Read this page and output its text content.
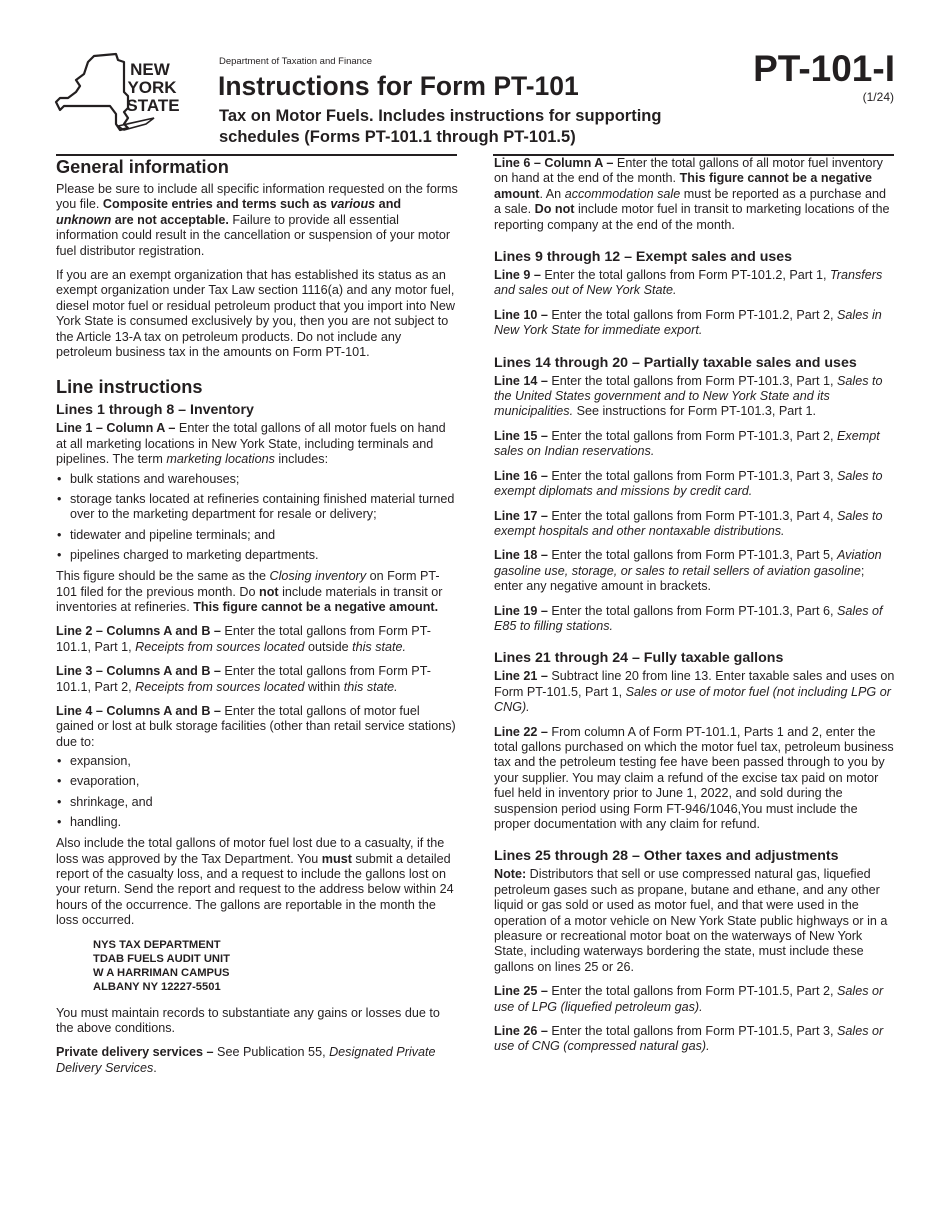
NEW
YORK
STATE
Department of Taxation and Finance
Instructions for Form PT-101
Tax on Motor Fuels. Includes instructions for supporting schedules (Forms PT-101.1 through PT-101.5)
PT-101-I
(1/24)
General information

Please be sure to include all specific information requested on the forms you file. Composite entries and terms such as various and unknown are not acceptable. Failure to provide all essential information could result in the cancellation or suspension of your motor fuel distributor registration.

If you are an exempt organization that has established its status as an exempt organization under Tax Law section 1116(a) and any motor fuel, diesel motor fuel or residual petroleum product that you import into New York State is consumed exclusively by you, then you are not subject to the Article 13-A tax on petroleum products. Do not include any petroleum business tax in the amounts on Form PT-101.

Line instructions
Lines 1 through 8 – Inventory

Line 1 – Column A – Enter the total gallons of all motor fuels on hand at all marketing locations in New York State, including terminals and pipelines. The term marketing locations includes:

• bulk stations and warehouses;
• storage tanks located at refineries containing finished material turned over to the marketing department for resale or delivery;
• tidewater and pipeline terminals; and
• pipelines charged to marketing departments.

This figure should be the same as the Closing inventory on Form PT-101 filed for the previous month. Do not include materials in transit or inventories at refineries. This figure cannot be a negative amount.

Line 2 – Columns A and B – Enter the total gallons from Form PT-101.1, Part 1, Receipts from sources located outside this state.

Line 3 – Columns A and B – Enter the total gallons from Form PT-101.1, Part 2, Receipts from sources located within this state.

Line 4 – Columns A and B – Enter the total gallons of motor fuel gained or lost at bulk storage facilities (other than retail service stations) due to:

• expansion,
• evaporation,
• shrinkage, and
• handling.

Also include the total gallons of motor fuel lost due to a casualty, if the loss was approved by the Tax Department. You must submit a detailed report of the casualty loss, and a request to include the gallons lost on your return. Send the report and request to the address below within 24 hours of the occurrence. The gallons are reportable in the month the loss occurred.

NYS TAX DEPARTMENT
TDAB FUELS AUDIT UNIT
W A HARRIMAN CAMPUS
ALBANY NY 12227-5501

You must maintain records to substantiate any gains or losses due to the above conditions.

Private delivery services – See Publication 55, Designated Private Delivery Services.

Line 6 – Column A – Enter the total gallons of all motor fuel inventory on hand at the end of the month. This figure cannot be a negative amount. An accommodation sale must be reported as a purchase and a sale. Do not include motor fuel in transit to marketing locations of the reporting company at the end of the month.

Lines 9 through 12 – Exempt sales and uses

Line 9 – Enter the total gallons from Form PT-101.2, Part 1, Transfers and sales out of New York State.

Line 10 – Enter the total gallons from Form PT-101.2, Part 2, Sales in New York State for immediate export.

Lines 14 through 20 – Partially taxable sales and uses

Line 14 – Enter the total gallons from Form PT-101.3, Part 1, Sales to the United States government and to New York State and its municipalities. See instructions for Form PT-101.3, Part 1.

Line 15 – Enter the total gallons from Form PT-101.3, Part 2, Exempt sales on Indian reservations.

Line 16 – Enter the total gallons from Form PT-101.3, Part 3, Sales to exempt diplomats and missions by credit card.

Line 17 – Enter the total gallons from Form PT-101.3, Part 4, Sales to exempt hospitals and other nontaxable distributions.

Line 18 – Enter the total gallons from Form PT-101.3, Part 5, Aviation gasoline use, storage, or sales to retail sellers of aviation gasoline; enter any negative amount in brackets.

Line 19 – Enter the total gallons from Form PT-101.3, Part 6, Sales of E85 to filling stations.

Lines 21 through 24 – Fully taxable gallons

Line 21 – Subtract line 20 from line 13. Enter taxable sales and uses on Form PT-101.5, Part 1, Sales or use of motor fuel (not including LPG or CNG).

Line 22 – From column A of Form PT-101.1, Parts 1 and 2, enter the total gallons purchased on which the motor fuel tax, petroleum business tax and the petroleum testing fee have been passed through to you by your supplier. You may claim a refund of the excise tax paid on motor fuel held in inventory prior to June 1, 2022, and sold during the suspension period using Form FT-946/1046,You must include the proper documentation with any claim for refund.

Lines 25 through 28 – Other taxes and adjustments

Note: Distributors that sell or use compressed natural gas, liquefied petroleum gases such as propane, butane and ethane, and any other liquid or gas sold or used as motor fuel, and that were used in the operation of a motor vehicle on New York State public highways or in a pleasure or recreational motor boat on the waterways of New York State, including waterways bordering the state, must include these gallons on lines 25 or 26.

Line 25 – Enter the total gallons from Form PT-101.5, Part 2, Sales or use of LPG (liquefied petroleum gas).

Line 26 – Enter the total gallons from Form PT-101.5, Part 3, Sales or use of CNG (compressed natural gas).
